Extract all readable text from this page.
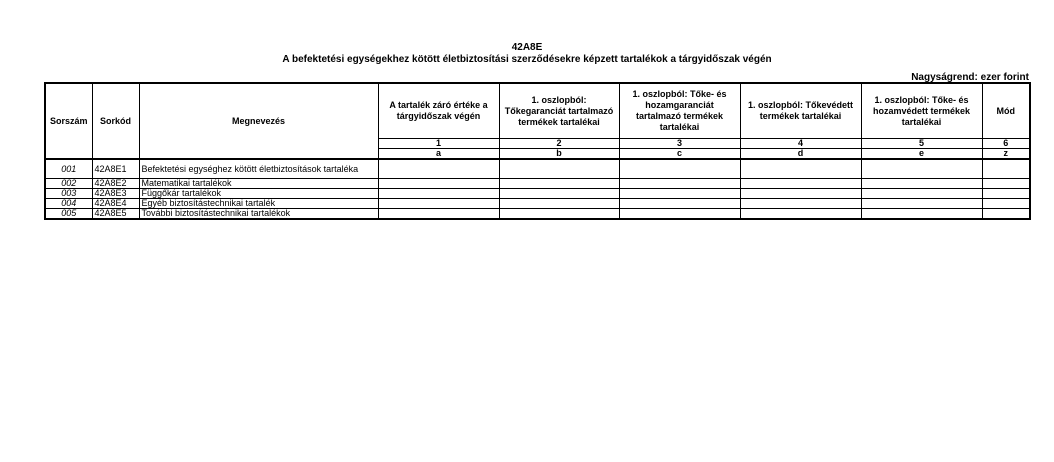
42A8E
A befektetési egységekhez kötött életbiztosítási szerződésekre képzett tartalékok a tárgyidőszak végén
Nagyságrend: ezer forint
Sorszám	Sorkód	Megnevezés	A tartalék záró értéke a tárgyidőszak végén	1. oszlopból: Tőkegaranciát tartalmazó termékek tartalékai	1. oszlopból: Tőke- és hozamgaranciát tartalmazó termékek tartalékai	1. oszlopból: Tőkevédett termékek tartalékai	1. oszlopból: Tőke- és hozamvédett termékek tartalékai	Mód
			1	2	3	4	5	6
			a	b	c	d	e	z
001	42A8E1	Befektetési egységhez kötött életbiztosítások tartaléka						
002	42A8E2	Matematikai tartalékok						
003	42A8E3	Függőkár tartalékok						
004	42A8E4	Egyéb biztosítástechnikai tartalék						
005	42A8E5	További biztosítástechnikai tartalékok						
